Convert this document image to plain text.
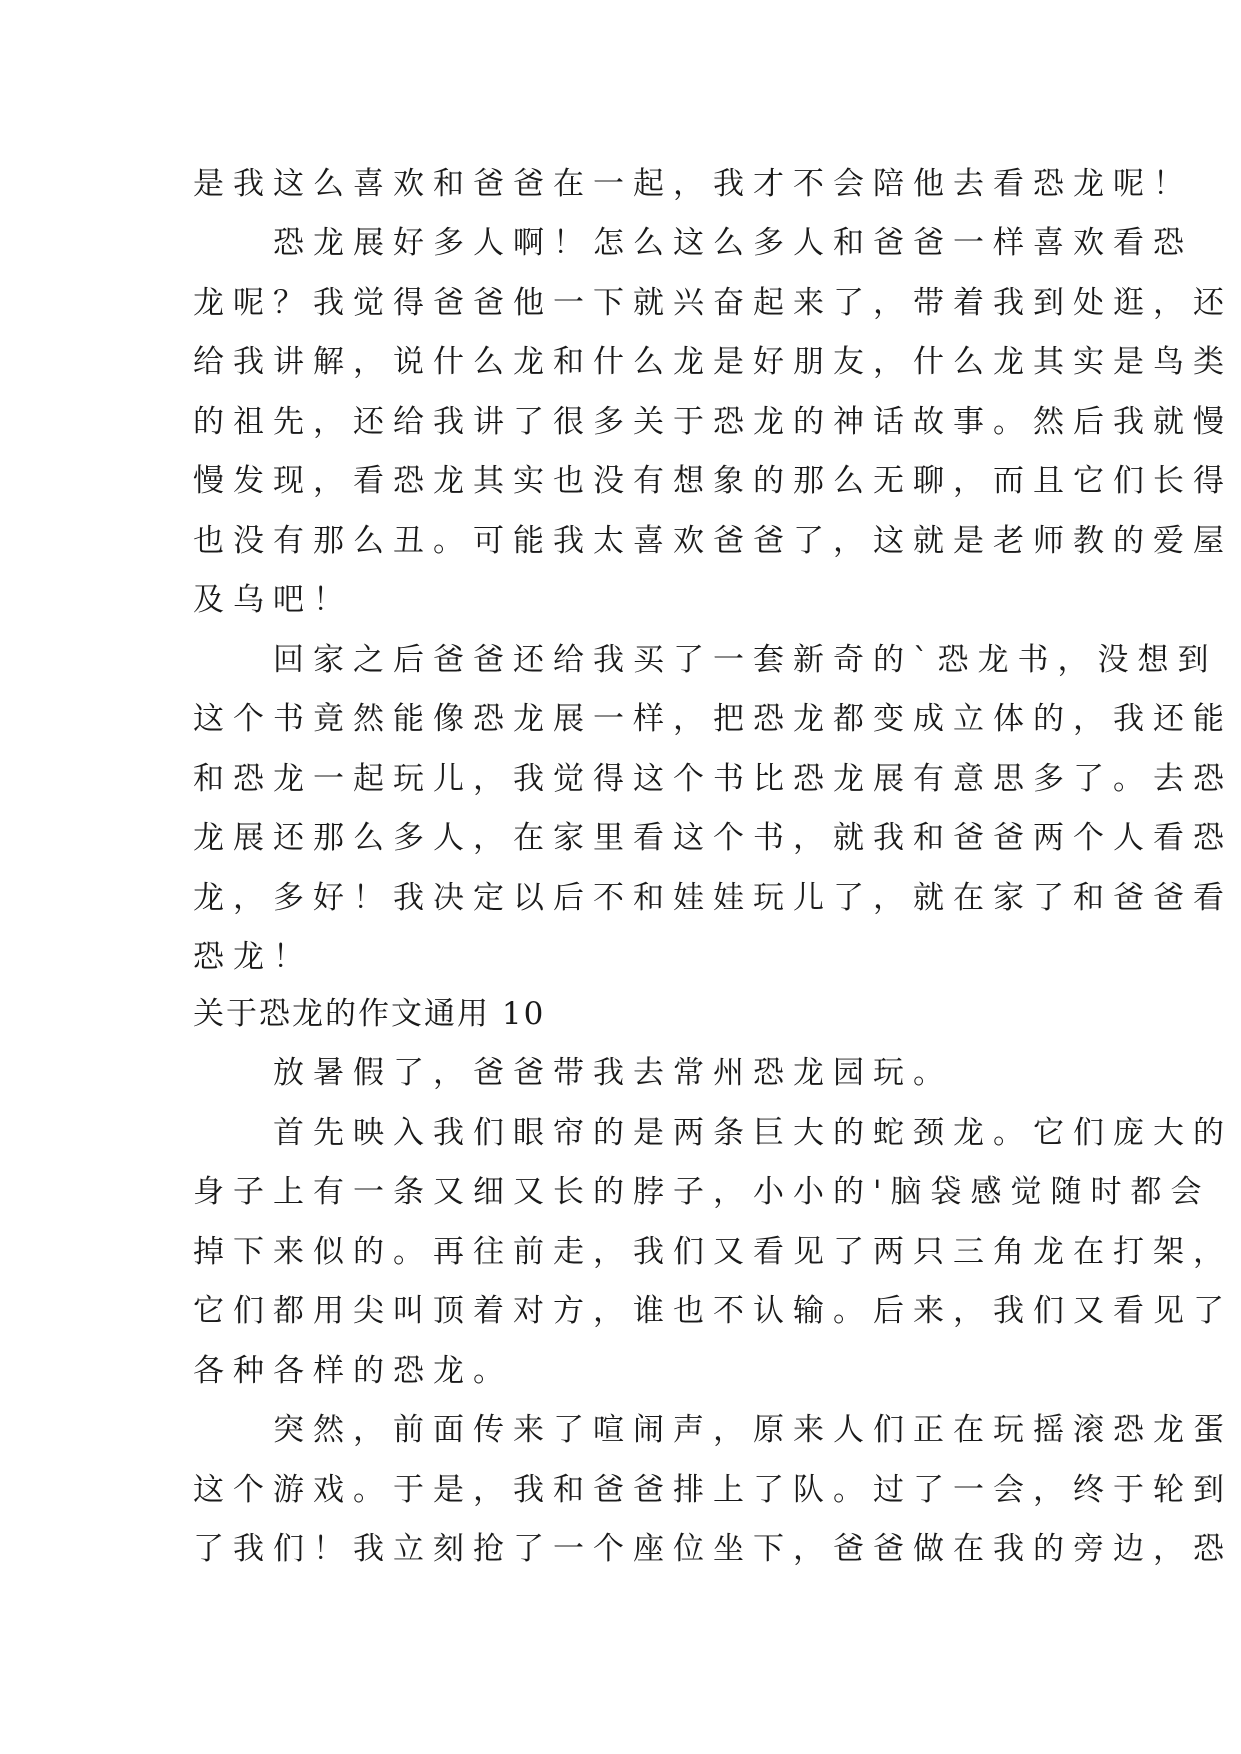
是我这么喜欢和爸爸在一起，我才不会陪他去看恐龙呢！
　　恐龙展好多人啊！怎么这么多人和爸爸一样喜欢看恐
龙呢？我觉得爸爸他一下就兴奋起来了，带着我到处逛，还
给我讲解，说什么龙和什么龙是好朋友，什么龙其实是鸟类
的祖先，还给我讲了很多关于恐龙的神话故事。然后我就慢
慢发现，看恐龙其实也没有想象的那么无聊，而且它们长得
也没有那么丑。可能我太喜欢爸爸了，这就是老师教的爱屋
及乌吧！
　　回家之后爸爸还给我买了一套新奇的`恐龙书，没想到
这个书竟然能像恐龙展一样，把恐龙都变成立体的，我还能
和恐龙一起玩儿，我觉得这个书比恐龙展有意思多了。去恐
龙展还那么多人，在家里看这个书，就我和爸爸两个人看恐
龙，多好！我决定以后不和娃娃玩儿了，就在家了和爸爸看
恐龙！
关于恐龙的作文通用 10
　　放暑假了，爸爸带我去常州恐龙园玩。
　　首先映入我们眼帘的是两条巨大的蛇颈龙。它们庞大的
身子上有一条又细又长的脖子，小小的'脑袋感觉随时都会
掉下来似的。再往前走，我们又看见了两只三角龙在打架，
它们都用尖叫顶着对方，谁也不认输。后来，我们又看见了
各种各样的恐龙。
　　突然，前面传来了喧闹声，原来人们正在玩摇滚恐龙蛋
这个游戏。于是，我和爸爸排上了队。过了一会，终于轮到
了我们！我立刻抢了一个座位坐下，爸爸做在我的旁边，恐
